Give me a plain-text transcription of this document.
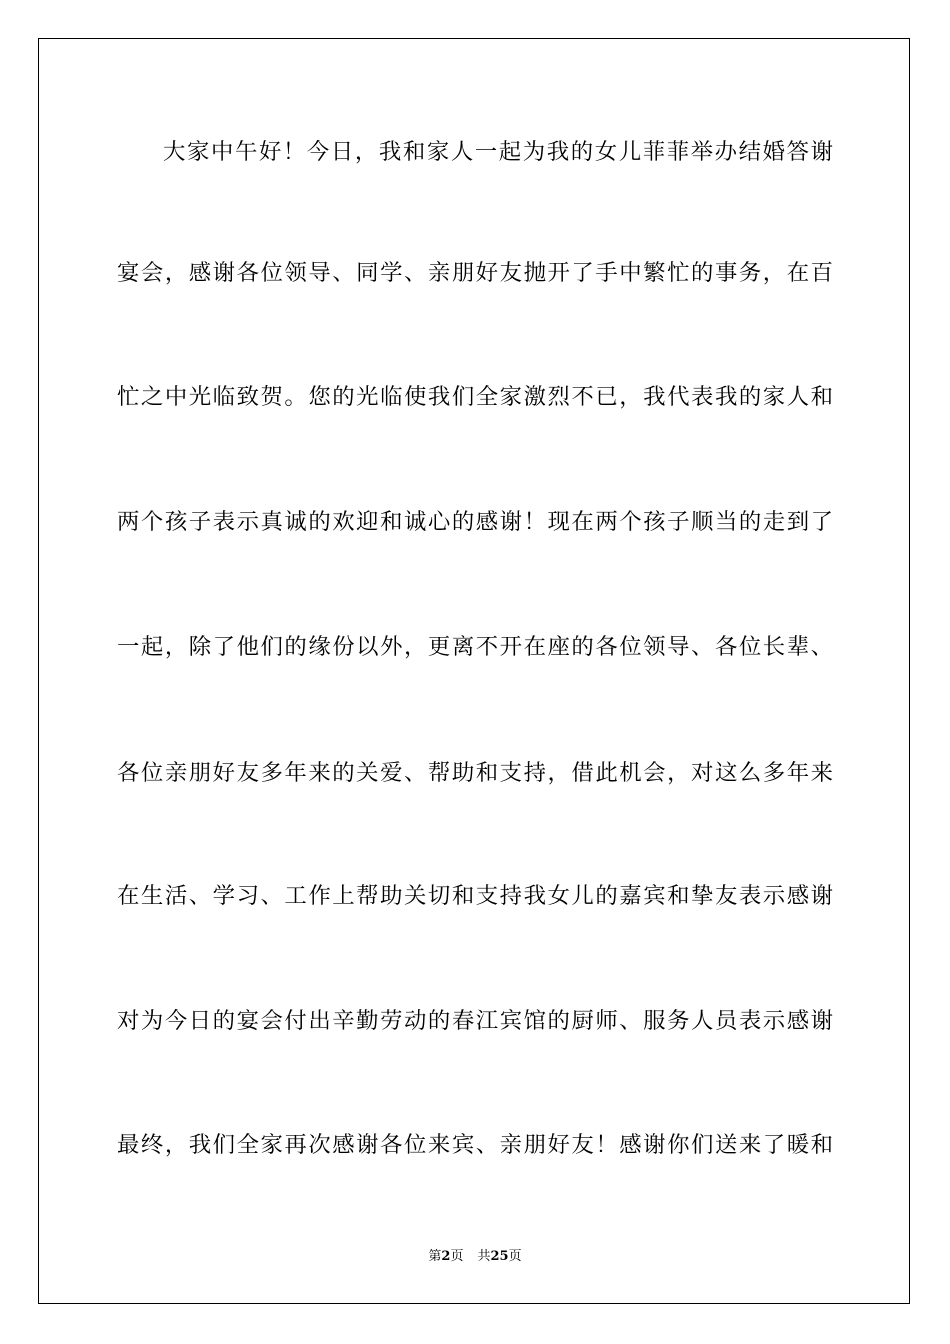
大家中午好！今日，我和家人一起为我的女儿菲菲举办结婚答谢
宴会，感谢各位领导、同学、亲朋好友抛开了手中繁忙的事务，在百
忙之中光临致贺。您的光临使我们全家激烈不已，我代表我的家人和
两个孩子表示真诚的欢迎和诚心的感谢！现在两个孩子顺当的走到了
一起，除了他们的缘份以外，更离不开在座的各位领导、各位长辈、
各位亲朋好友多年来的关爱、帮助和支持，借此机会，对这么多年来
在生活、学习、工作上帮助关切和支持我女儿的嘉宾和挚友表示感谢
对为今日的宴会付出辛勤劳动的春江宾馆的厨师、服务人员表示感谢
最终，我们全家再次感谢各位来宾、亲朋好友！感谢你们送来了暖和
第2页 共25页
